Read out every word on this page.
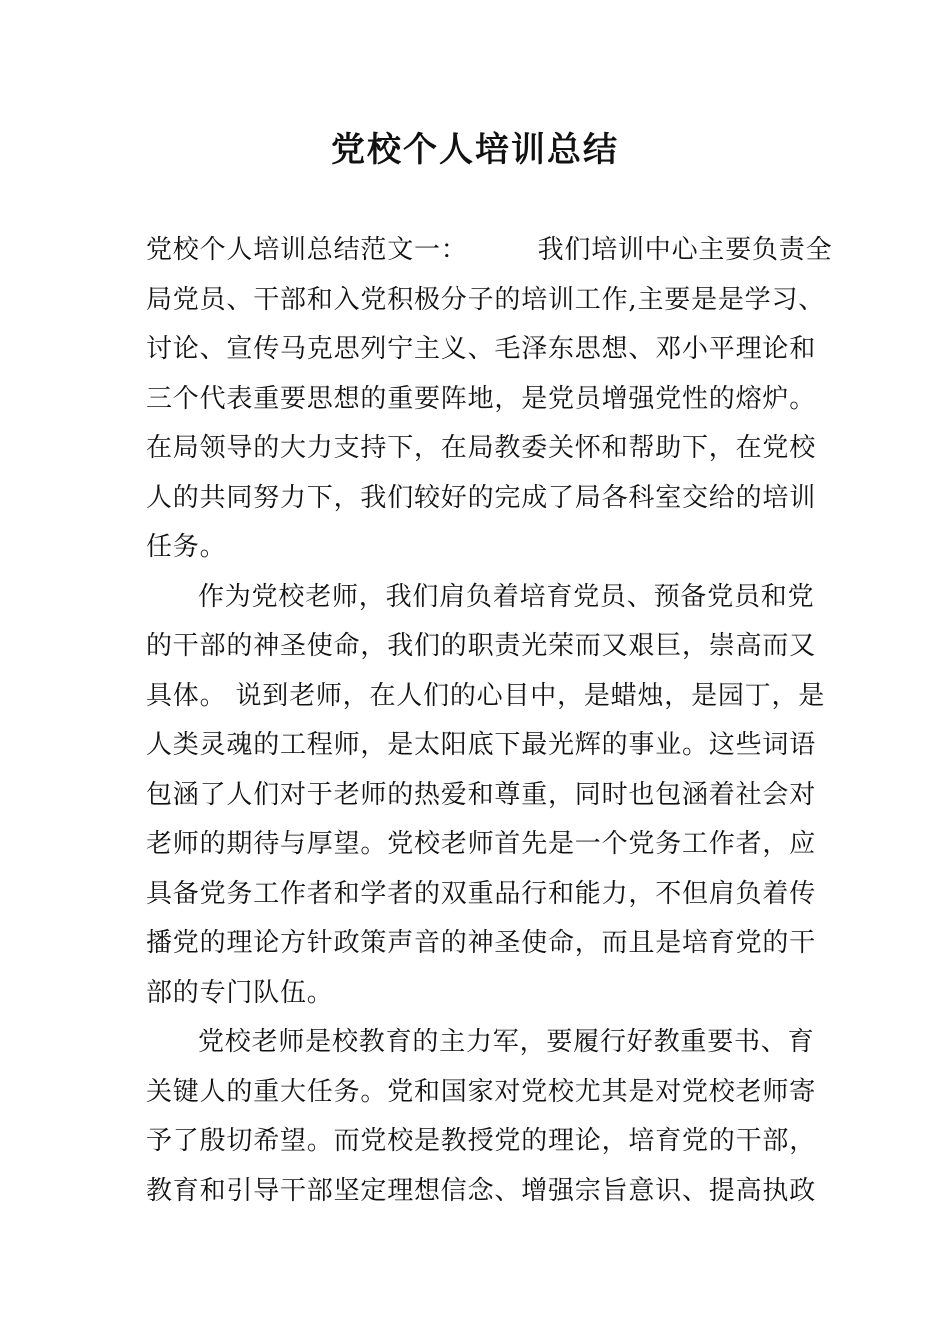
党校个人培训总结
党校个人培训总结范文一：	我们培训中心主要负责全
局党员、干部和入党积极分子的培训工作,主要是是学习、
讨论、宣传马克思列宁主义、毛泽东思想、邓小平理论和
三个代表重要思想的重要阵地，是党员增强党性的熔炉。
在局领导的大力支持下，在局教委关怀和帮助下，在党校
人的共同努力下，我们较好的完成了局各科室交给的培训
任务。
作为党校老师，我们肩负着培育党员、预备党员和党
的干部的神圣使命，我们的职责光荣而又艰巨，崇高而又
具体。 说到老师，在人们的心目中，是蜡烛，是园丁，是
人类灵魂的工程师，是太阳底下最光辉的事业。这些词语
包涵了人们对于老师的热爱和尊重，同时也包涵着社会对
老师的期待与厚望。党校老师首先是一个党务工作者，应
具备党务工作者和学者的双重品行和能力，不但肩负着传
播党的理论方针政策声音的神圣使命，而且是培育党的干
部的专门队伍。
党校老师是校教育的主力军，要履行好教重要书、育
关键人的重大任务。党和国家对党校尤其是对党校老师寄
予了殷切希望。而党校是教授党的理论，培育党的干部，
教育和引导干部坚定理想信念、增强宗旨意识、提高执政
